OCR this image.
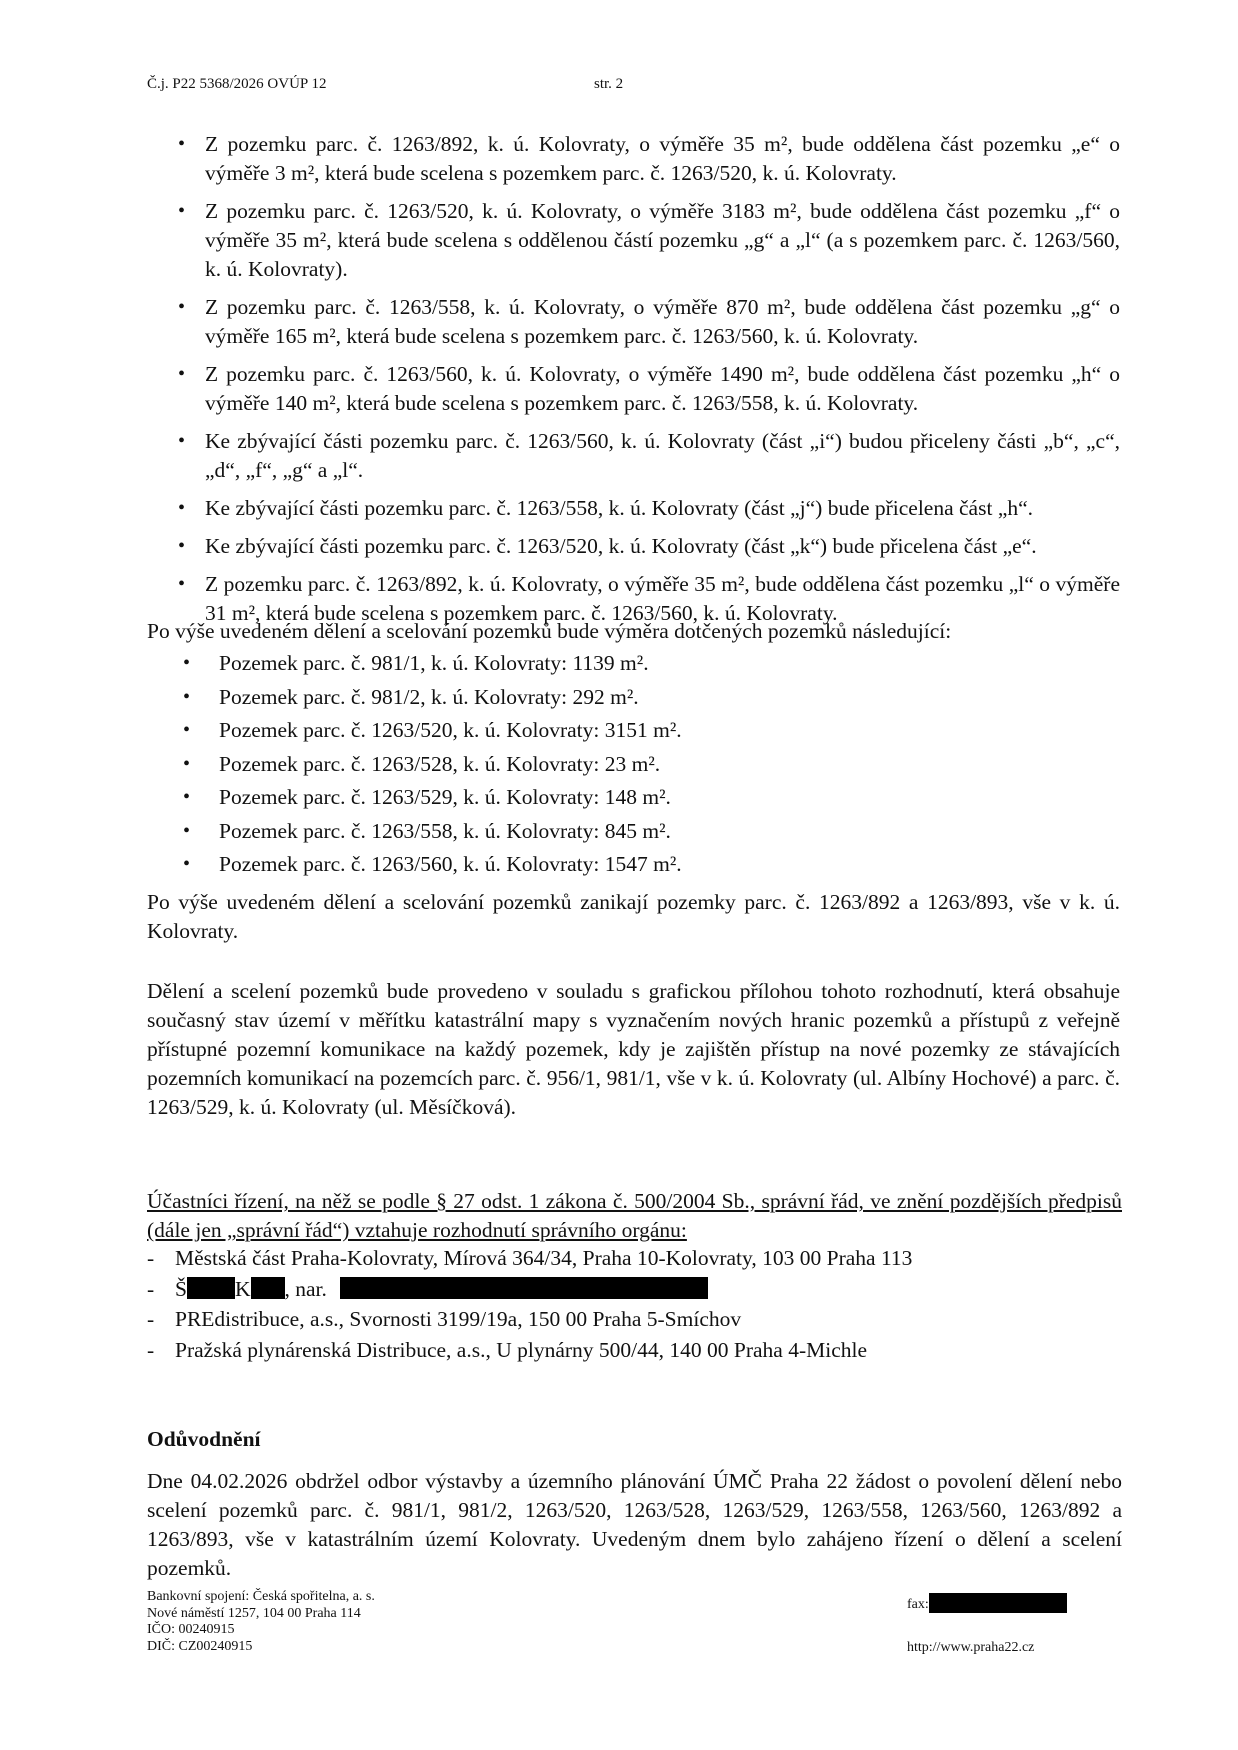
Č.j. P22 5368/2026 OVÚP 12	str. 2

• Z pozemku parc. č. 1263/892, k. ú. Kolovraty, o výměře 35 m², bude oddělena část pozemku „e“ o výměře 3 m², která bude scelena s pozemkem parc. č. 1263/520, k. ú. Kolovraty.

• Z pozemku parc. č. 1263/520, k. ú. Kolovraty, o výměře 3183 m², bude oddělena část pozemku „f“ o výměře 35 m², která bude scelena s oddělenou částí pozemku „g“ a „l“ (a s pozemkem parc. č. 1263/560, k. ú. Kolovraty).

• Z pozemku parc. č. 1263/558, k. ú. Kolovraty, o výměře 870 m², bude oddělena část pozemku „g“ o výměře 165 m², která bude scelena s pozemkem parc. č. 1263/560, k. ú. Kolovraty.

• Z pozemku parc. č. 1263/560, k. ú. Kolovraty, o výměře 1490 m², bude oddělena část pozemku „h“ o výměře 140 m², která bude scelena s pozemkem parc. č. 1263/558, k. ú. Kolovraty.

• Ke zbývající části pozemku parc. č. 1263/560, k. ú. Kolovraty (část „i“) budou přiceleny části „b“, „c“, „d“, „f“, „g“ a „l“.

• Ke zbývající části pozemku parc. č. 1263/558, k. ú. Kolovraty (část „j“) bude přicelena část „h“.

• Ke zbývající části pozemku parc. č. 1263/520, k. ú. Kolovraty (část „k“) bude přicelena část „e“.

• Z pozemku parc. č. 1263/892, k. ú. Kolovraty, o výměře 35 m², bude oddělena část pozemku „l“ o výměře 31 m², která bude scelena s pozemkem parc. č. 1263/560, k. ú. Kolovraty.

Po výše uvedeném dělení a scelování pozemků bude výměra dotčených pozemků následující:

• Pozemek parc. č. 981/1, k. ú. Kolovraty: 1139 m².

• Pozemek parc. č. 981/2, k. ú. Kolovraty: 292 m².

• Pozemek parc. č. 1263/520, k. ú. Kolovraty: 3151 m².

• Pozemek parc. č. 1263/528, k. ú. Kolovraty: 23 m².

• Pozemek parc. č. 1263/529, k. ú. Kolovraty: 148 m².

• Pozemek parc. č. 1263/558, k. ú. Kolovraty: 845 m².

• Pozemek parc. č. 1263/560, k. ú. Kolovraty: 1547 m².

Po výše uvedeném dělení a scelování pozemků zanikají pozemky parc. č. 1263/892 a 1263/893, vše v k. ú. Kolovraty.

Dělení a scelení pozemků bude provedeno v souladu s grafickou přílohou tohoto rozhodnutí, která obsahuje současný stav území v měřítku katastrální mapy s vyznačením nových hranic pozemků a přístupů z veřejně přístupné pozemní komunikace na každý pozemek, kdy je zajištěn přístup na nové pozemky ze stávajících pozemních komunikací na pozemcích parc. č. 956/1, 981/1, vše v k. ú. Kolovraty (ul. Albíny Hochové) a parc. č. 1263/529, k. ú. Kolovraty (ul. Měsíčková).

Účastníci řízení, na něž se podle § 27 odst. 1 zákona č. 500/2004 Sb., správní řád, ve znění pozdějších předpisů (dále jen „správní řád“) vztahuje rozhodnutí správního orgánu:

- Městská část Praha-Kolovraty, Mírová 364/34, Praha 10-Kolovraty, 103 00 Praha 113
- Š K , nar.
- PREdistribuce, a.s., Svornosti 3199/19a, 150 00 Praha 5-Smíchov
- Pražská plynárenská Distribuce, a.s., U plynárny 500/44, 140 00 Praha 4-Michle

Odůvodnění

Dne 04.02.2026 obdržel odbor výstavby a územního plánování ÚMČ Praha 22 žádost o povolení dělení nebo scelení pozemků parc. č. 981/1, 981/2, 1263/520, 1263/528, 1263/529, 1263/558, 1263/560, 1263/892 a 1263/893, vše v katastrálním území Kolovraty. Uvedeným dnem bylo zahájeno řízení o dělení a scelení pozemků.

Bankovní spojení: Česká spořitelna, a. s.
Nové náměstí 1257, 104 00 Praha 114
IČO: 00240915
DIČ: CZ00240915
fax:
http://www.praha22.cz
